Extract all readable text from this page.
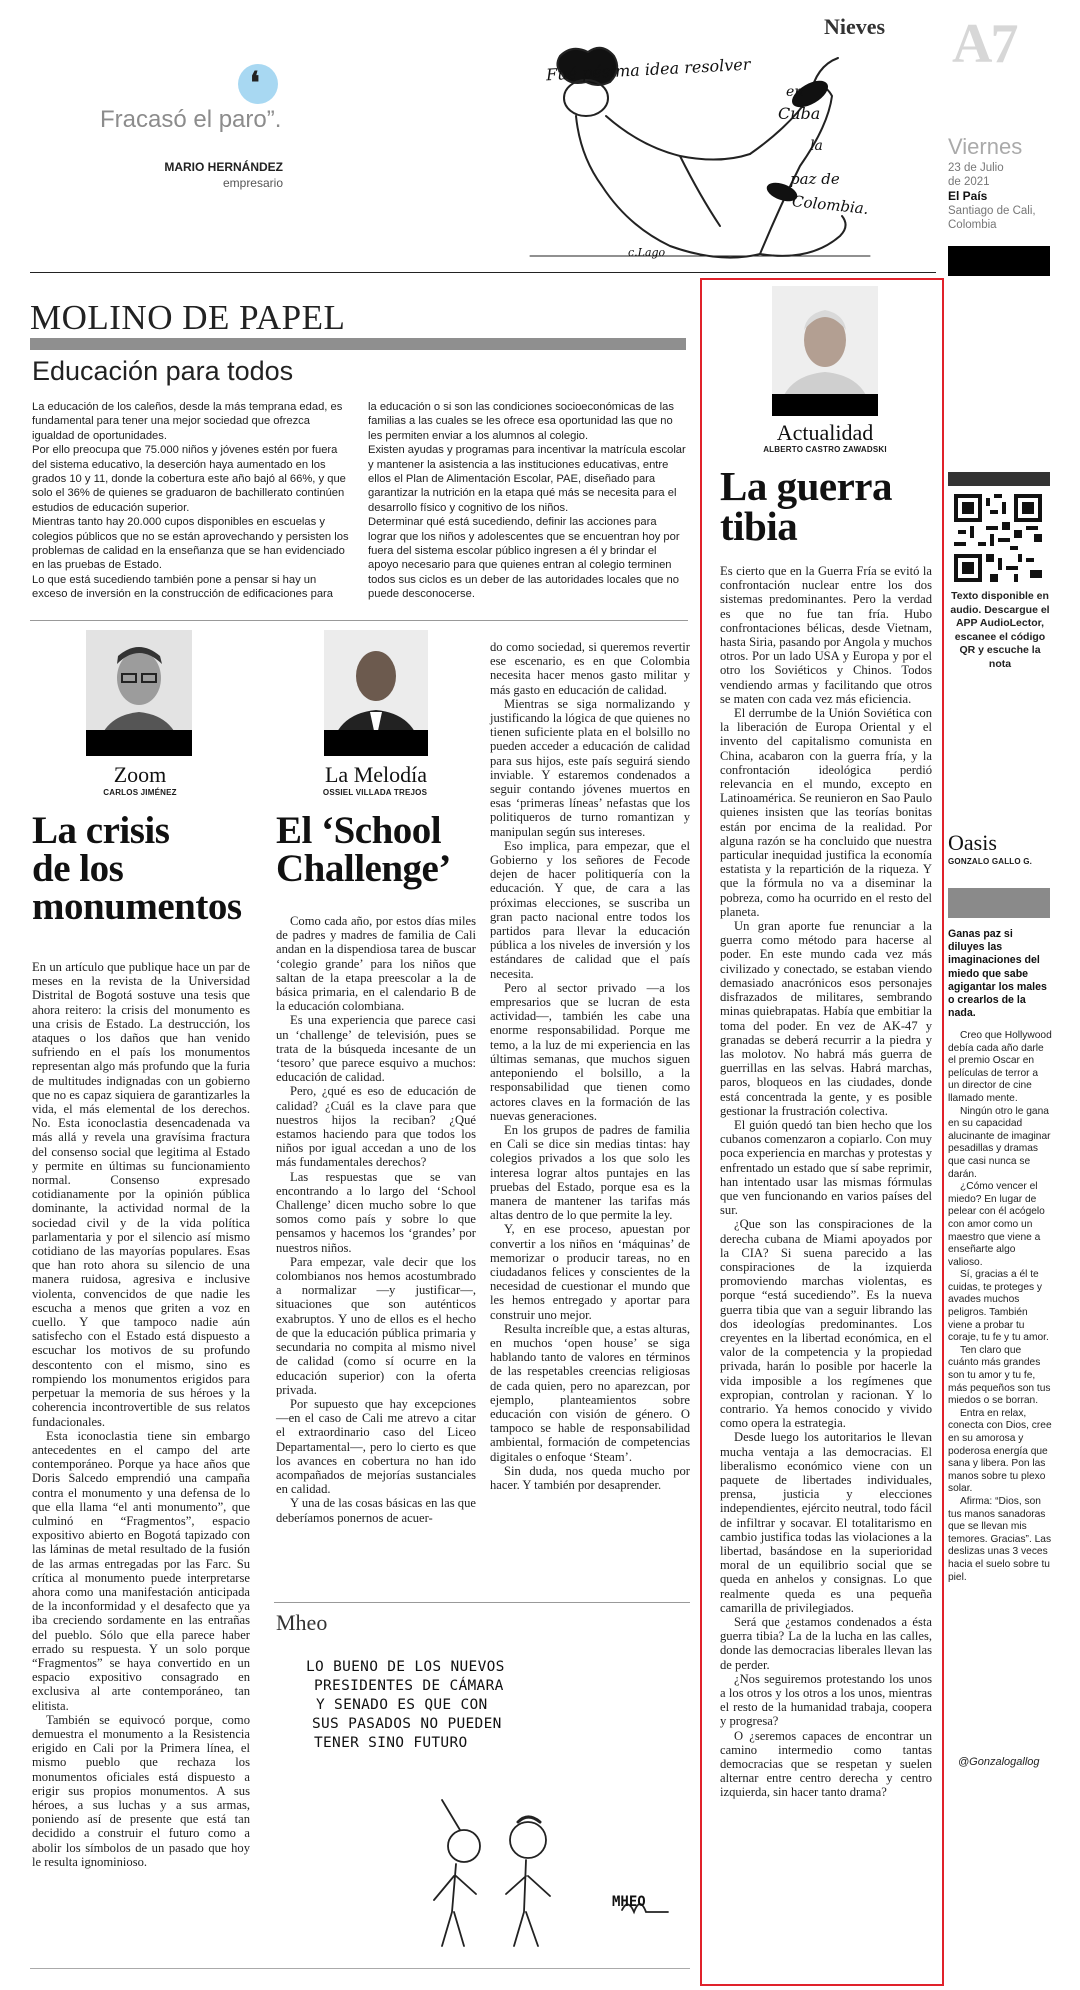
Nieves A7
Viernes
23 de Julio
de 2021
El País
Santiago de Cali,
Colombia
❛
Fracasó el paro”.
MARIO HERNÁNDEZ
empresario
Fué pésima idea resolver
en
Cuba
la
paz de
Colombia.
c.Lago
MOLINO DE PAPEL
Educación para todos

La educación de los caleños, desde la más temprana edad, es fundamental para tener una mejor sociedad que ofrezca igualdad de oportunidades.

Por ello preocupa que 75.000 niños y jóvenes estén por fuera del sistema educativo, la deserción haya aumentado en los grados 10 y 11, donde la cobertura este año bajó al 66%, y que solo el 36% de quienes se graduaron de bachillerato continúen estudios de educación superior.

Mientras tanto hay 20.000 cupos disponibles en escuelas y colegios públicos que no se están aprovechando y persisten los problemas de calidad en la enseñanza que se han evidenciado en las pruebas de Estado.

Lo que está sucediendo también pone a pensar si hay un exceso de inversión en la construcción de edificaciones para

la educación o si son las condiciones socioeconómicas de las familias a las cuales se les ofrece esa oportunidad las que no les permiten enviar a los alumnos al colegio.

Existen ayudas y programas para incentivar la matrícula escolar y mantener la asistencia a las instituciones educativas, entre ellos el Plan de Alimentación Escolar, PAE, diseñado para garantizar la nutrición en la etapa qué más se necesita para el desarrollo físico y cognitivo de los niños.

Determinar qué está sucediendo, definir las acciones para lograr que los niños y adolescentes que se encuentran hoy por fuera del sistema escolar público ingresen a él y brindar el apoyo necesario para que quienes entran al colegio terminen todos sus ciclos es un deber de las autoridades locales que no puede desconocerse.

Zoom
CARLOS JIMÉNEZ
La crisis
de los
monumentos

En un artículo que publique hace un par de meses en la revista de la Universidad Distrital de Bogotá sostuve una tesis que ahora reitero: la crisis del monumento es una crisis de Estado. La destrucción, los ataques o los daños que han venido sufriendo en el país los monumentos representan algo más profundo que la furia de multitudes indignadas con un gobierno que no es capaz siquiera de garantizarles la vida, el más elemental de los derechos. No. Esta iconoclastia desencadenada va más allá y revela una gravísima fractura del consenso social que legitima al Estado y permite en últimas su funcionamiento normal. Consenso expresado cotidianamente por la opinión pública dominante, la actividad normal de la sociedad civil y de la vida política parlamentaria y por el silencio así mismo cotidiano de las mayorías populares. Esas que han roto ahora su silencio de una manera ruidosa, agresiva e inclusive violenta, convencidos de que nadie les escucha a menos que griten a voz en cuello. Y que tampoco nadie aún satisfecho con el Estado está dispuesto a escuchar los motivos de su profundo descontento con el mismo, sino es rompiendo los monumentos erigidos para perpetuar la memoria de sus héroes y la coherencia incontrovertible de sus relatos fundacionales.

Esta iconoclastia tiene sin embargo antecedentes en el campo del arte contemporáneo. Porque ya hace años que Doris Salcedo emprendió una campaña contra el monumento y una defensa de lo que ella llama “el anti monumento”, que culminó en “Fragmentos”, espacio expositivo abierto en Bogotá tapizado con las láminas de metal resultado de la fusión de las armas entregadas por las Farc. Su crítica al monumento puede interpretarse ahora como una manifestación anticipada de la inconformidad y el desafecto que ya iba creciendo sordamente en las entrañas del pueblo. Sólo que ella parece haber errado su respuesta. Y un solo porque “Fragmentos” se haya convertido en un espacio expositivo consagrado en exclusiva al arte contemporáneo, tan elitista.

También se equivocó porque, como demuestra el monumento a la Resistencia erigido en Cali por la Primera línea, el mismo pueblo que rechaza los monumentos oficiales está dispuesto a erigir sus propios monumentos. A sus héroes, a sus luchas y a sus armas, poniendo así de presente que está tan decidido a construir el futuro como a abolir los símbolos de un pasado que hoy le resulta ignominioso.

La Melodía
OSSIEL VILLADA TREJOS
El ‘School
Challenge’

Como cada año, por estos días miles de padres y madres de familia de Cali andan en la dispendiosa tarea de buscar ‘colegio grande’ para los niños que saltan de la etapa preescolar a la de básica primaria, en el calendario B de la educación colombiana.

Es una experiencia que parece casi un ‘challenge’ de televisión, pues se trata de la búsqueda incesante de un ‘tesoro’ que parece esquivo a muchos: educación de calidad.

Pero, ¿qué es eso de educación de calidad? ¿Cuál es la clave para que nuestros hijos la reciban? ¿Qué estamos haciendo para que todos los niños por igual accedan a uno de los más fundamentales derechos?

Las respuestas que se van encontrando a lo largo del ‘School Challenge’ dicen mucho sobre lo que somos como país y sobre lo que pensamos y hacemos los ‘grandes’ por nuestros niños.

Para empezar, vale decir que los colombianos nos hemos acostumbrado a normalizar —y justificar—, situaciones que son auténticos exabruptos. Y uno de ellos es el hecho de que la educación pública primaria y secundaria no compita al mismo nivel de calidad (como sí ocurre en la educación superior) con la oferta privada.

Por supuesto que hay excepciones —en el caso de Cali me atrevo a citar el extraordinario caso del Liceo Departamental—, pero lo cierto es que los avances en cobertura no han ido acompañados de mejorías sustanciales en calidad.

Y una de las cosas básicas en las que deberíamos ponernos de acuer-

do como sociedad, si queremos revertir ese escenario, es en que Colombia necesita hacer menos gasto militar y más gasto en educación de calidad.

Mientras se siga normalizando y justificando la lógica de que quienes no tienen suficiente plata en el bolsillo no pueden acceder a educación de calidad para sus hijos, este país seguirá siendo inviable. Y estaremos condenados a seguir contando jóvenes muertos en esas ‘primeras líneas’ nefastas que los politiqueros de turno romantizan y manipulan según sus intereses.

Eso implica, para empezar, que el Gobierno y los señores de Fecode dejen de hacer politiquería con la educación. Y que, de cara a las próximas elecciones, se suscriba un gran pacto nacional entre todos los partidos para llevar la educación pública a los niveles de inversión y los estándares de calidad que el país necesita.

Pero al sector privado —a los empresarios que se lucran de esta actividad—, también les cabe una enorme responsabilidad. Porque me temo, a la luz de mi experiencia en las últimas semanas, que muchos siguen anteponiendo el bolsillo, a la responsabilidad que tienen como actores claves en la formación de las nuevas generaciones.

En los grupos de padres de familia en Cali se dice sin medias tintas: hay colegios privados a los que solo les interesa lograr altos puntajes en las pruebas del Estado, porque esa es la manera de mantener las tarifas más altas dentro de lo que permite la ley.

Y, en ese proceso, apuestan por convertir a los niños en ‘máquinas’ de memorizar o producir tareas, no en ciudadanos felices y conscientes de la necesidad de cuestionar el mundo que les hemos entregado y aportar para construir uno mejor.

Resulta increíble que, a estas alturas, en muchos ‘open house’ se siga hablando tanto de valores en términos de las respetables creencias religiosas de cada quien, pero no aparezcan, por ejemplo, planteamientos sobre educación con visión de género. O tampoco se hable de responsabilidad ambiental, formación de competencias digitales o enfoque ‘Steam’.

Sin duda, nos queda mucho por hacer. Y también por desaprender.

Mheo
LO BUENO DE LOS NUEVOS
PRESIDENTES DE CÁMARA
Y SENADO ES QUE CON
SUS PASADOS NO PUEDEN
TENER SINO FUTURO
MHEO
Actualidad
ALBERTO CASTRO ZAWADSKI
La guerra
tibia

Es cierto que en la Guerra Fría se evitó la confrontación nuclear entre los dos sistemas predominantes. Pero la verdad es que no fue tan fría. Hubo confrontaciones bélicas, desde Vietnam, hasta Siria, pasando por Angola y muchos otros. Por un lado USA y Europa y por el otro los Soviéticos y Chinos. Todos vendiendo armas y facilitando que otros se maten con cada vez más eficiencia.

El derrumbe de la Unión Soviética con la liberación de Europa Oriental y el invento del capitalismo comunista en China, acabaron con la guerra fría, y la confrontación ideológica perdió relevancia en el mundo, excepto en Latinoamérica. Se reunieron en Sao Paulo quienes insisten que las teorías bonitas están por encima de la realidad. Por alguna razón se ha concluido que nuestra particular inequidad justifica la economía estatista y la repartición de la riqueza. Y que la fórmula no va a diseminar la pobreza, como ha ocurrido en el resto del planeta.

Un gran aporte fue renunciar a la guerra como método para hacerse al poder. En este mundo cada vez más civilizado y conectado, se estaban viendo demasiado anacrónicos esos personajes disfrazados de militares, sembrando minas quiebrapatas. Había que embitiar la toma del poder. En vez de AK-47 y granadas se deberá recurrir a la piedra y las molotov. No habrá más guerra de guerrillas en las selvas. Habrá marchas, paros, bloqueos en las ciudades, donde está concentrada la gente, y es posible gestionar la frustración colectiva.

El guión quedó tan bien hecho que los cubanos comenzaron a copiarlo. Con muy poca experiencia en marchas y protestas y enfrentado un estado que sí sabe reprimir, han intentado usar las mismas fórmulas que ven funcionando en varios países del sur.

¿Que son las conspiraciones de la derecha cubana de Miami apoyados por la CIA? Si suena parecido a las conspiraciones de la izquierda promoviendo marchas violentas, es porque “está sucediendo”. Es la nueva guerra tibia que van a seguir librando las dos ideologías predominantes. Los creyentes en la libertad económica, en el valor de la competencia y la propiedad privada, harán lo posible por hacerle la vida imposible a los regímenes que expropian, controlan y racionan. Y lo contrario. Ya hemos conocido y vivido como opera la estrategia.

Desde luego los autoritarios le llevan mucha ventaja a las democracias. El liberalismo económico viene con un paquete de libertades individuales, prensa, justicia y elecciones independientes, ejército neutral, todo fácil de infiltrar y socavar. El totalitarismo en cambio justifica todas las violaciones a la libertad, basándose en la superioridad moral de un equilibrio social que se queda en anhelos y consignas. Lo que realmente queda es una pequeña camarilla de privilegiados.

Será que ¿estamos condenados a ésta guerra tibia? La de la lucha en las calles, donde las democracias liberales llevan las de perder.

¿Nos seguiremos protestando los unos a los otros y los otros a los unos, mientras el resto de la humanidad trabaja, coopera y progresa?

O ¿seremos capaces de encontrar un camino intermedio como tantas democracias que se respetan y suelen alternar entre centro derecha y centro izquierda, sin hacer tanto drama?

Texto disponible en audio. Descargue el APP AudioLector, escanee el código QR y escuche la nota
Oasis
GONZALO GALLO G.
Ganas paz si diluyes las imaginaciones del miedo que sabe agigantar los males o crearlos de la nada.

Creo que Hollywood debía cada año darle el premio Oscar en películas de terror a un director de cine llamado mente.

Ningún otro le gana en su capacidad alucinante de imaginar pesadillas y dramas que casi nunca se darán.

¿Cómo vencer el miedo? En lugar de pelear con él acógelo con amor como un maestro que viene a enseñarte algo valioso.

Sí, gracias a él te cuidas, te proteges y avades muchos peligros. También viene a probar tu coraje, tu fe y tu amor.

Ten claro que cuánto más grandes son tu amor y tu fe, más pequeños son tus miedos o se borran.

Entra en relax, conecta con Dios, cree en su amorosa y poderosa energía que sana y libera. Pon las manos sobre tu plexo solar.

Afirma: “Dios, son tus manos sanadoras que se llevan mis temores. Gracias”. Las deslizas unas 3 veces hacia el suelo sobre tu piel.

@Gonzalogallog
